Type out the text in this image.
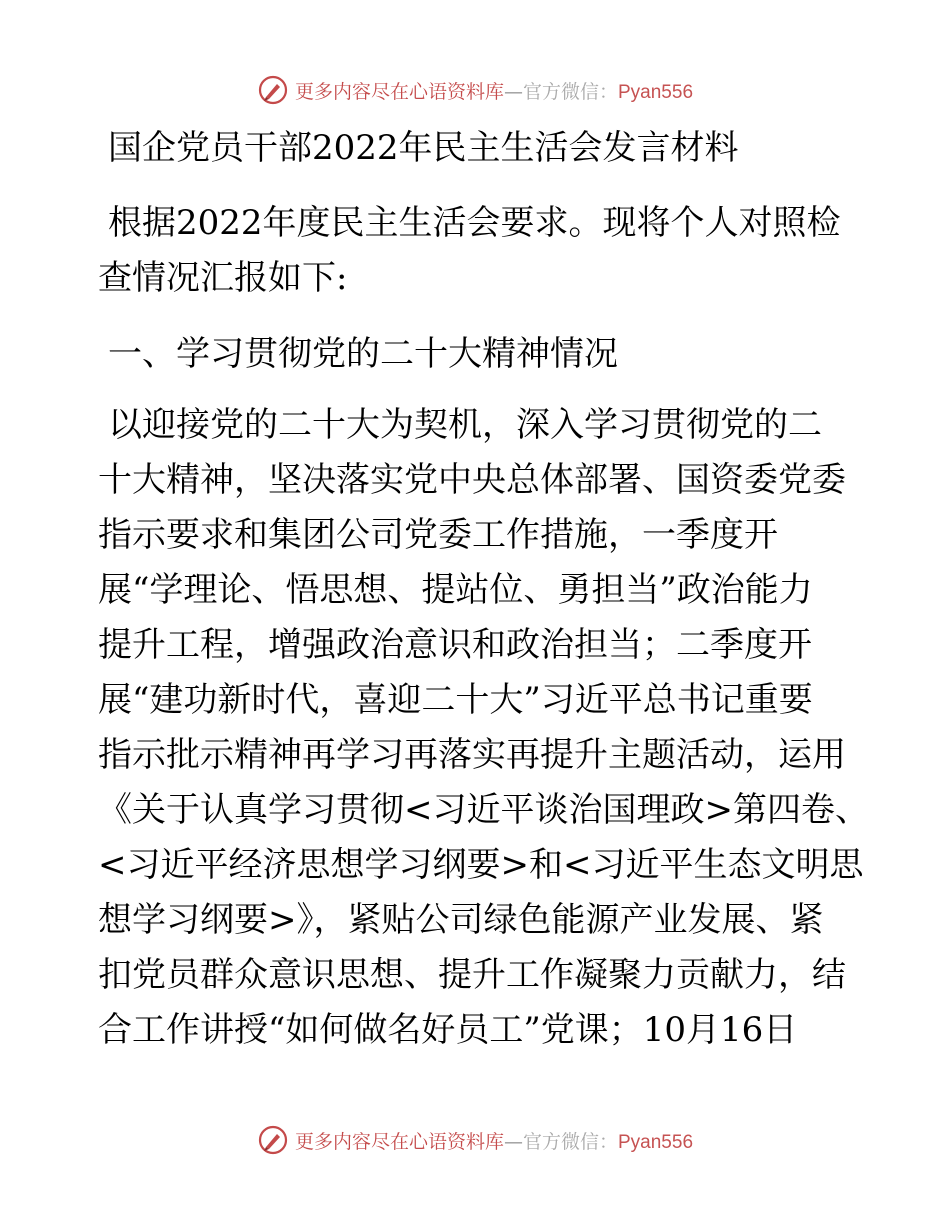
更多内容尽在心语资料库—官方微信：Pyan556
国企党员干部2022年民主生活会发言材料
根据2022年度民主生活会要求。现将个人对照检
查情况汇报如下:
一、学习贯彻党的二十大精神情况
以迎接党的二十大为契机，深入学习贯彻党的二
十大精神，坚决落实党中央总体部署、国资委党委
指示要求和集团公司党委工作措施，一季度开
展“学理论、悟思想、提站位、勇担当”政治能力
提升工程，增强政治意识和政治担当；二季度开
展“建功新时代，喜迎二十大”习近平总书记重要
指示批示精神再学习再落实再提升主题活动，运用
《关于认真学习贯彻<习近平谈治国理政>第四卷、
<习近平经济思想学习纲要>和<习近平生态文明思
想学习纲要>》，紧贴公司绿色能源产业发展、紧
扣党员群众意识思想、提升工作凝聚力贡献力，结
合工作讲授“如何做名好员工”党课；10月16日
更多内容尽在心语资料库—官方微信：Pyan556
